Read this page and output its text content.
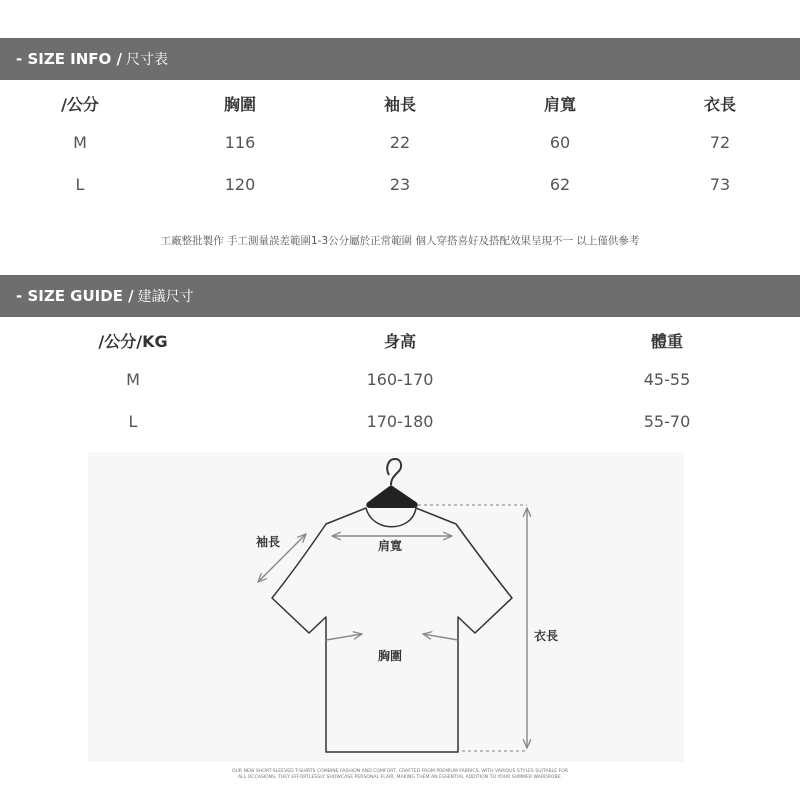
- SIZE INFO / 尺寸表
/公分	胸圍	袖長	肩寬	衣長
M	116	22	60	72
L	120	23	62	73
工廠整批製作 手工測量誤差範圍1-3公分屬於正常範圍 個人穿搭喜好及搭配效果呈現不一 以上僅供參考
- SIZE GUIDE / 建議尺寸
/公分/KG	身高	體重
M	160-170	45-55
L	170-180	55-70
袖長	肩寬
胸圍
衣長
OUR NEW SHORT-SLEEVED T-SHIRTS COMBINE FASHION AND COMFORT, CRAFTED FROM PREMIUM FABRICS. WITH VARIOUS STYLES SUITABLE FOR
ALL OCCASIONS, THEY EFFORTLESSLY SHOWCASE PERSONAL FLAIR, MAKING THEM AN ESSENTIAL ADDITION TO YOUR SUMMER WARDROBE.
